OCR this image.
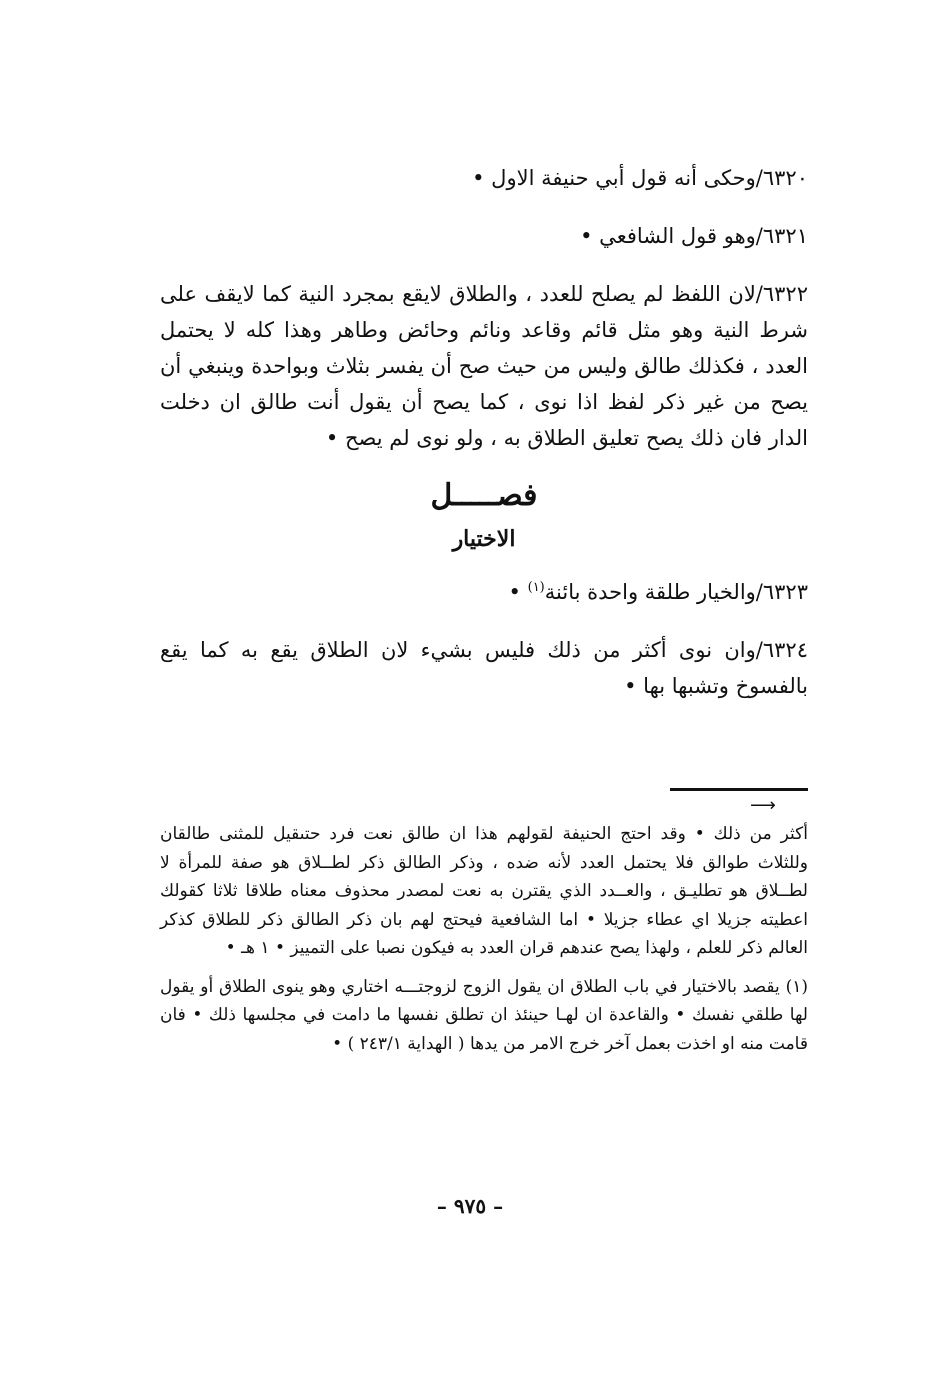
٦٣٢٠/وحكى أنه قول أبي حنيفة الاول •

٦٣٢١/وهو قول الشافعي •

٦٣٢٢/لان اللفظ لم يصلح للعدد ، والطلاق لايقع بمجرد النية كما لايقف على شرط النية وهو مثل قائم وقاعد ونائم وحائض وطاهر وهذا كله لا يحتمل العدد ، فكذلك طالق وليس من حيث صح أن يفسر بثلاث وبواحدة وينبغي أن يصح من غير ذكر لفظ اذا نوى ، كما يصح أن يقول أنت طالق ان دخلت الدار فان ذلك يصح تعليق الطلاق به ، ولو نوى لم يصح •

فصـــــل
الاختيار

٦٣٢٣/والخيار طلقة واحدة بائنة$^{(١)}$ •

٦٣٢٤/وان نوى أكثر من ذلك فليس بشيء لان الطلاق يقع به كما يقع بالفسوخ وتشبها بها •

⟶

أكثر من ذلك • وقد احتج الحنيفة لقولهم هذا ان طالق نعت فرد حتىقيل للمثنى طالقان وللثلاث طوالق فلا يحتمل العدد لأنه ضده ، وذكر الطالق ذكر لطــلاق هو صفة للمرأة لا لطــلاق هو تطليـق ، والعــدد الذي يقترن به نعت لمصدر محذوف معناه طلاقا ثلاثا كقولك اعطيته جزيلا اي عطاء جزيلا • اما الشافعية فيحتج لهم بان ذكر الطالق ذكر للطلاق كذكر العالم ذكر للعلم ، ولهذا يصح عندهم قران العدد به فيكون نصبا على التمييز • ١ هـ •

(١) يقصد بالاختيار في باب الطلاق ان يقول الزوج لزوجتـــه اختاري وهو ينوى الطلاق أو يقول لها طلقي نفسك • والقاعدة ان لهـا حينئذ ان تطلق نفسها ما دامت في مجلسها ذلك • فان قامت منه او اخذت بعمل آخر خرج الامر من يدها ( الهداية ٢٤٣/١ ) •

– ٩٧٥ –
